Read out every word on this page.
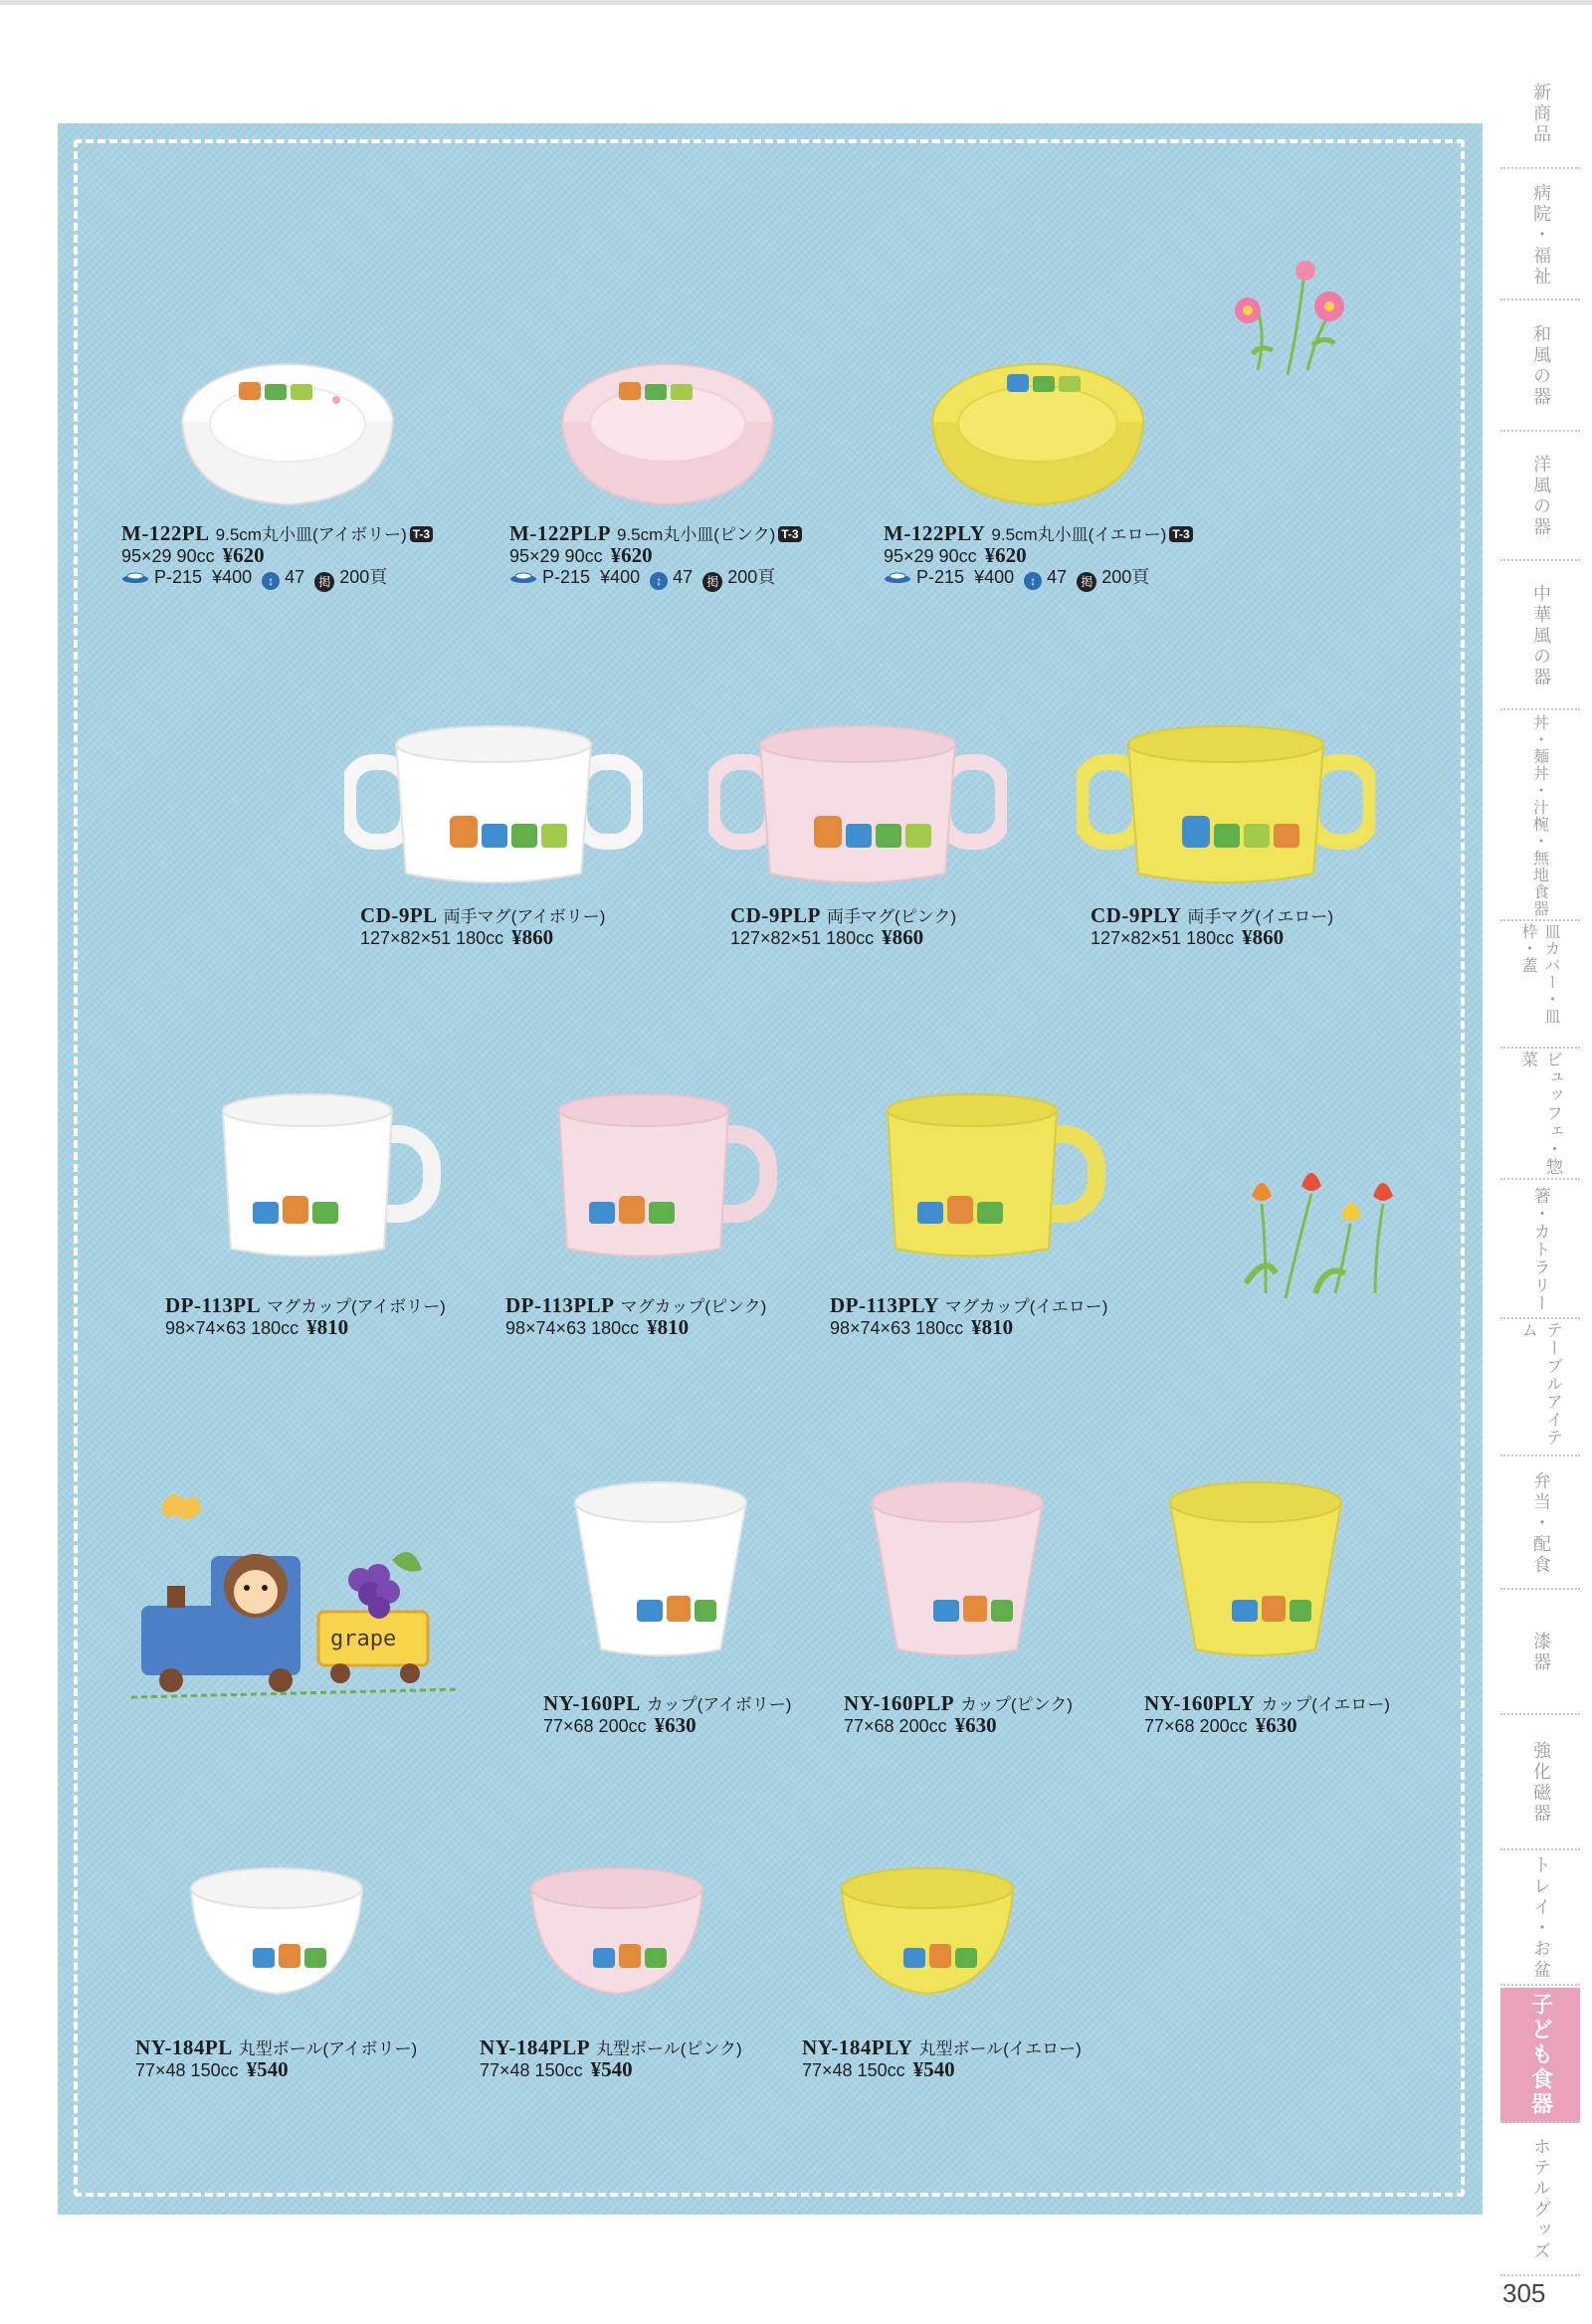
M-122PL 9.5cm丸小皿(アイボリー) T-3
95×29 90cc ¥620
P-215 ¥400 ↕ 47 掲 200頁
M-122PLP 9.5cm丸小皿(ピンク) T-3
95×29 90cc ¥620
P-215 ¥400 ↕ 47 掲 200頁
M-122PLY 9.5cm丸小皿(イエロー) T-3
95×29 90cc ¥620
P-215 ¥400 ↕ 47 掲 200頁
CD-9PL 両手マグ(アイボリー)
127×82×51 180cc ¥860
CD-9PLP 両手マグ(ピンク)
127×82×51 180cc ¥860
CD-9PLY 両手マグ(イエロー)
127×82×51 180cc ¥860
DP-113PL マグカップ(アイボリー)
98×74×63 180cc ¥810
DP-113PLP マグカップ(ピンク)
98×74×63 180cc ¥810
DP-113PLY マグカップ(イエロー)
98×74×63 180cc ¥810
grape
NY-160PL カップ(アイボリー)
77×68 200cc ¥630
NY-160PLP カップ(ピンク)
77×68 200cc ¥630
NY-160PLY カップ(イエロー)
77×68 200cc ¥630
NY-184PL 丸型ボール(アイボリー)
77×48 150cc ¥540
NY-184PLP 丸型ボール(ピンク)
77×48 150cc ¥540
NY-184PLY 丸型ボール(イエロー)
77×48 150cc ¥540
新商品
病院・福祉
和風の器
洋風の器
中華風の器
丼・麺丼・汁椀・無地食器
皿カバー・皿枠・蓋
ビュッフェ・惣菜
箸・カトラリー
テーブルアイテム
弁当・配食
漆器
強化磁器
トレイ・お盆
子ども食器
ホテルグッズ
305
